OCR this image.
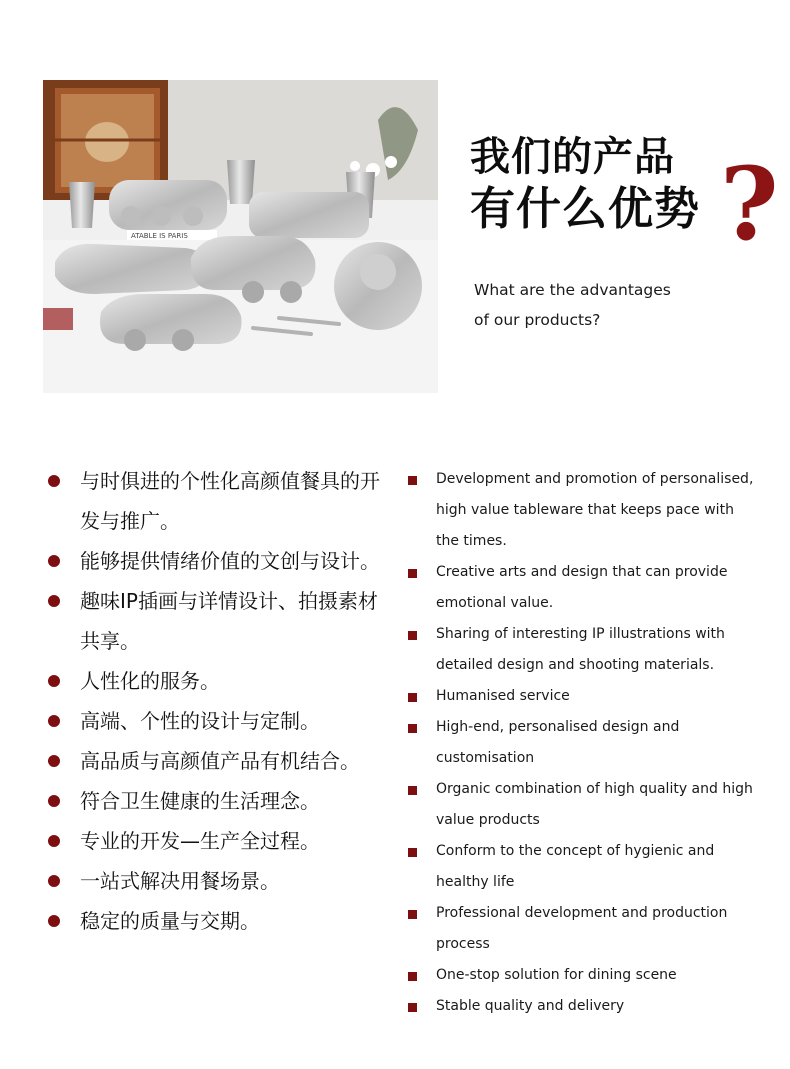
ATABLE IS PARIS
我们的产品
有什么优势 ?
What are the advantages
of our products?
与时俱进的个性化高颜值餐具的开发与推广。
能够提供情绪价值的文创与设计。
趣味IP插画与详情设计、拍摄素材共享。
人性化的服务。
高端、个性的设计与定制。
高品质与高颜值产品有机结合。
符合卫生健康的生活理念。
专业的开发—生产全过程。
一站式解决用餐场景。
稳定的质量与交期。
Development and promotion of personalised, high value tableware that keeps pace with the times.
Creative arts and design that can provide emotional value.
Sharing of interesting IP illustrations with detailed design and shooting materials.
Humanised service
High-end, personalised design and customisation
Organic combination of high quality and high value products
Conform to the concept of hygienic and healthy life
Professional development and production process
One-stop solution for dining scene
Stable quality and delivery
